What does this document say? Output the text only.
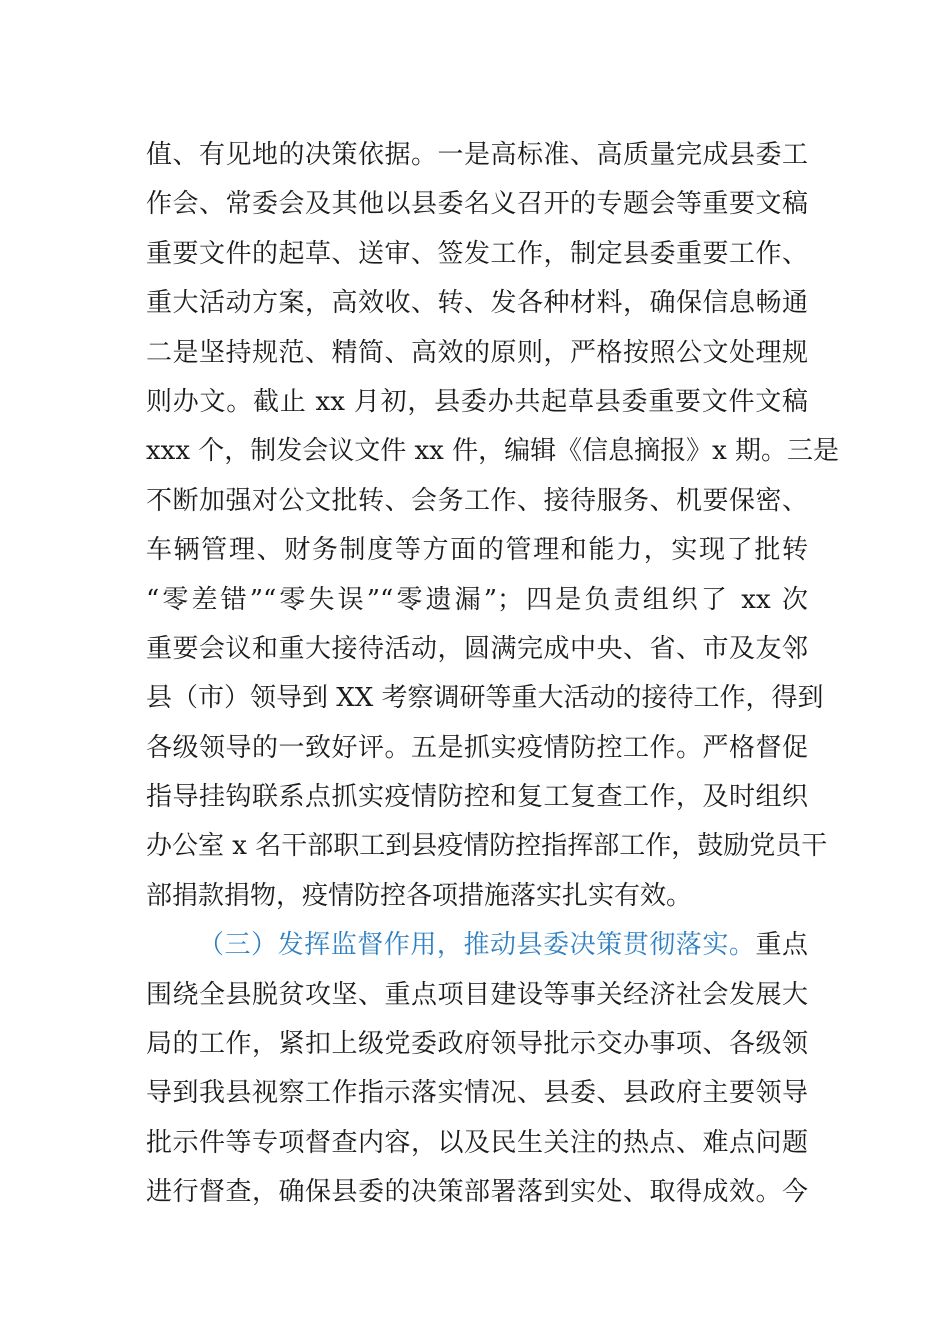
值、有见地的决策依据。一是高标准、高质量完成县委工
作会、常委会及其他以县委名义召开的专题会等重要文稿
重要文件的起草、送审、签发工作，制定县委重要工作、
重大活动方案，高效收、转、发各种材料，确保信息畅通
二是坚持规范、精简、高效的原则，严格按照公文处理规
则办文。截止 xx 月初，县委办共起草县委重要文件文稿
xxx 个，制发会议文件 xx 件，编辑《信息摘报》x 期。三是
不断加强对公文批转、会务工作、接待服务、机要保密、
车辆管理、财务制度等方面的管理和能力，实现了批转
“零差错”“零失误”“零遗漏”；四是负责组织了 xx 次
重要会议和重大接待活动，圆满完成中央、省、市及友邻
县（市）领导到 XX 考察调研等重大活动的接待工作，得到
各级领导的一致好评。五是抓实疫情防控工作。严格督促
指导挂钩联系点抓实疫情防控和复工复查工作，及时组织
办公室 x 名干部职工到县疫情防控指挥部工作，鼓励党员干
部捐款捐物，疫情防控各项措施落实扎实有效。
（三）发挥监督作用，推动县委决策贯彻落实。重点
围绕全县脱贫攻坚、重点项目建设等事关经济社会发展大
局的工作，紧扣上级党委政府领导批示交办事项、各级领
导到我县视察工作指示落实情况、县委、县政府主要领导
批示件等专项督查内容，以及民生关注的热点、难点问题
进行督查，确保县委的决策部署落到实处、取得成效。今
